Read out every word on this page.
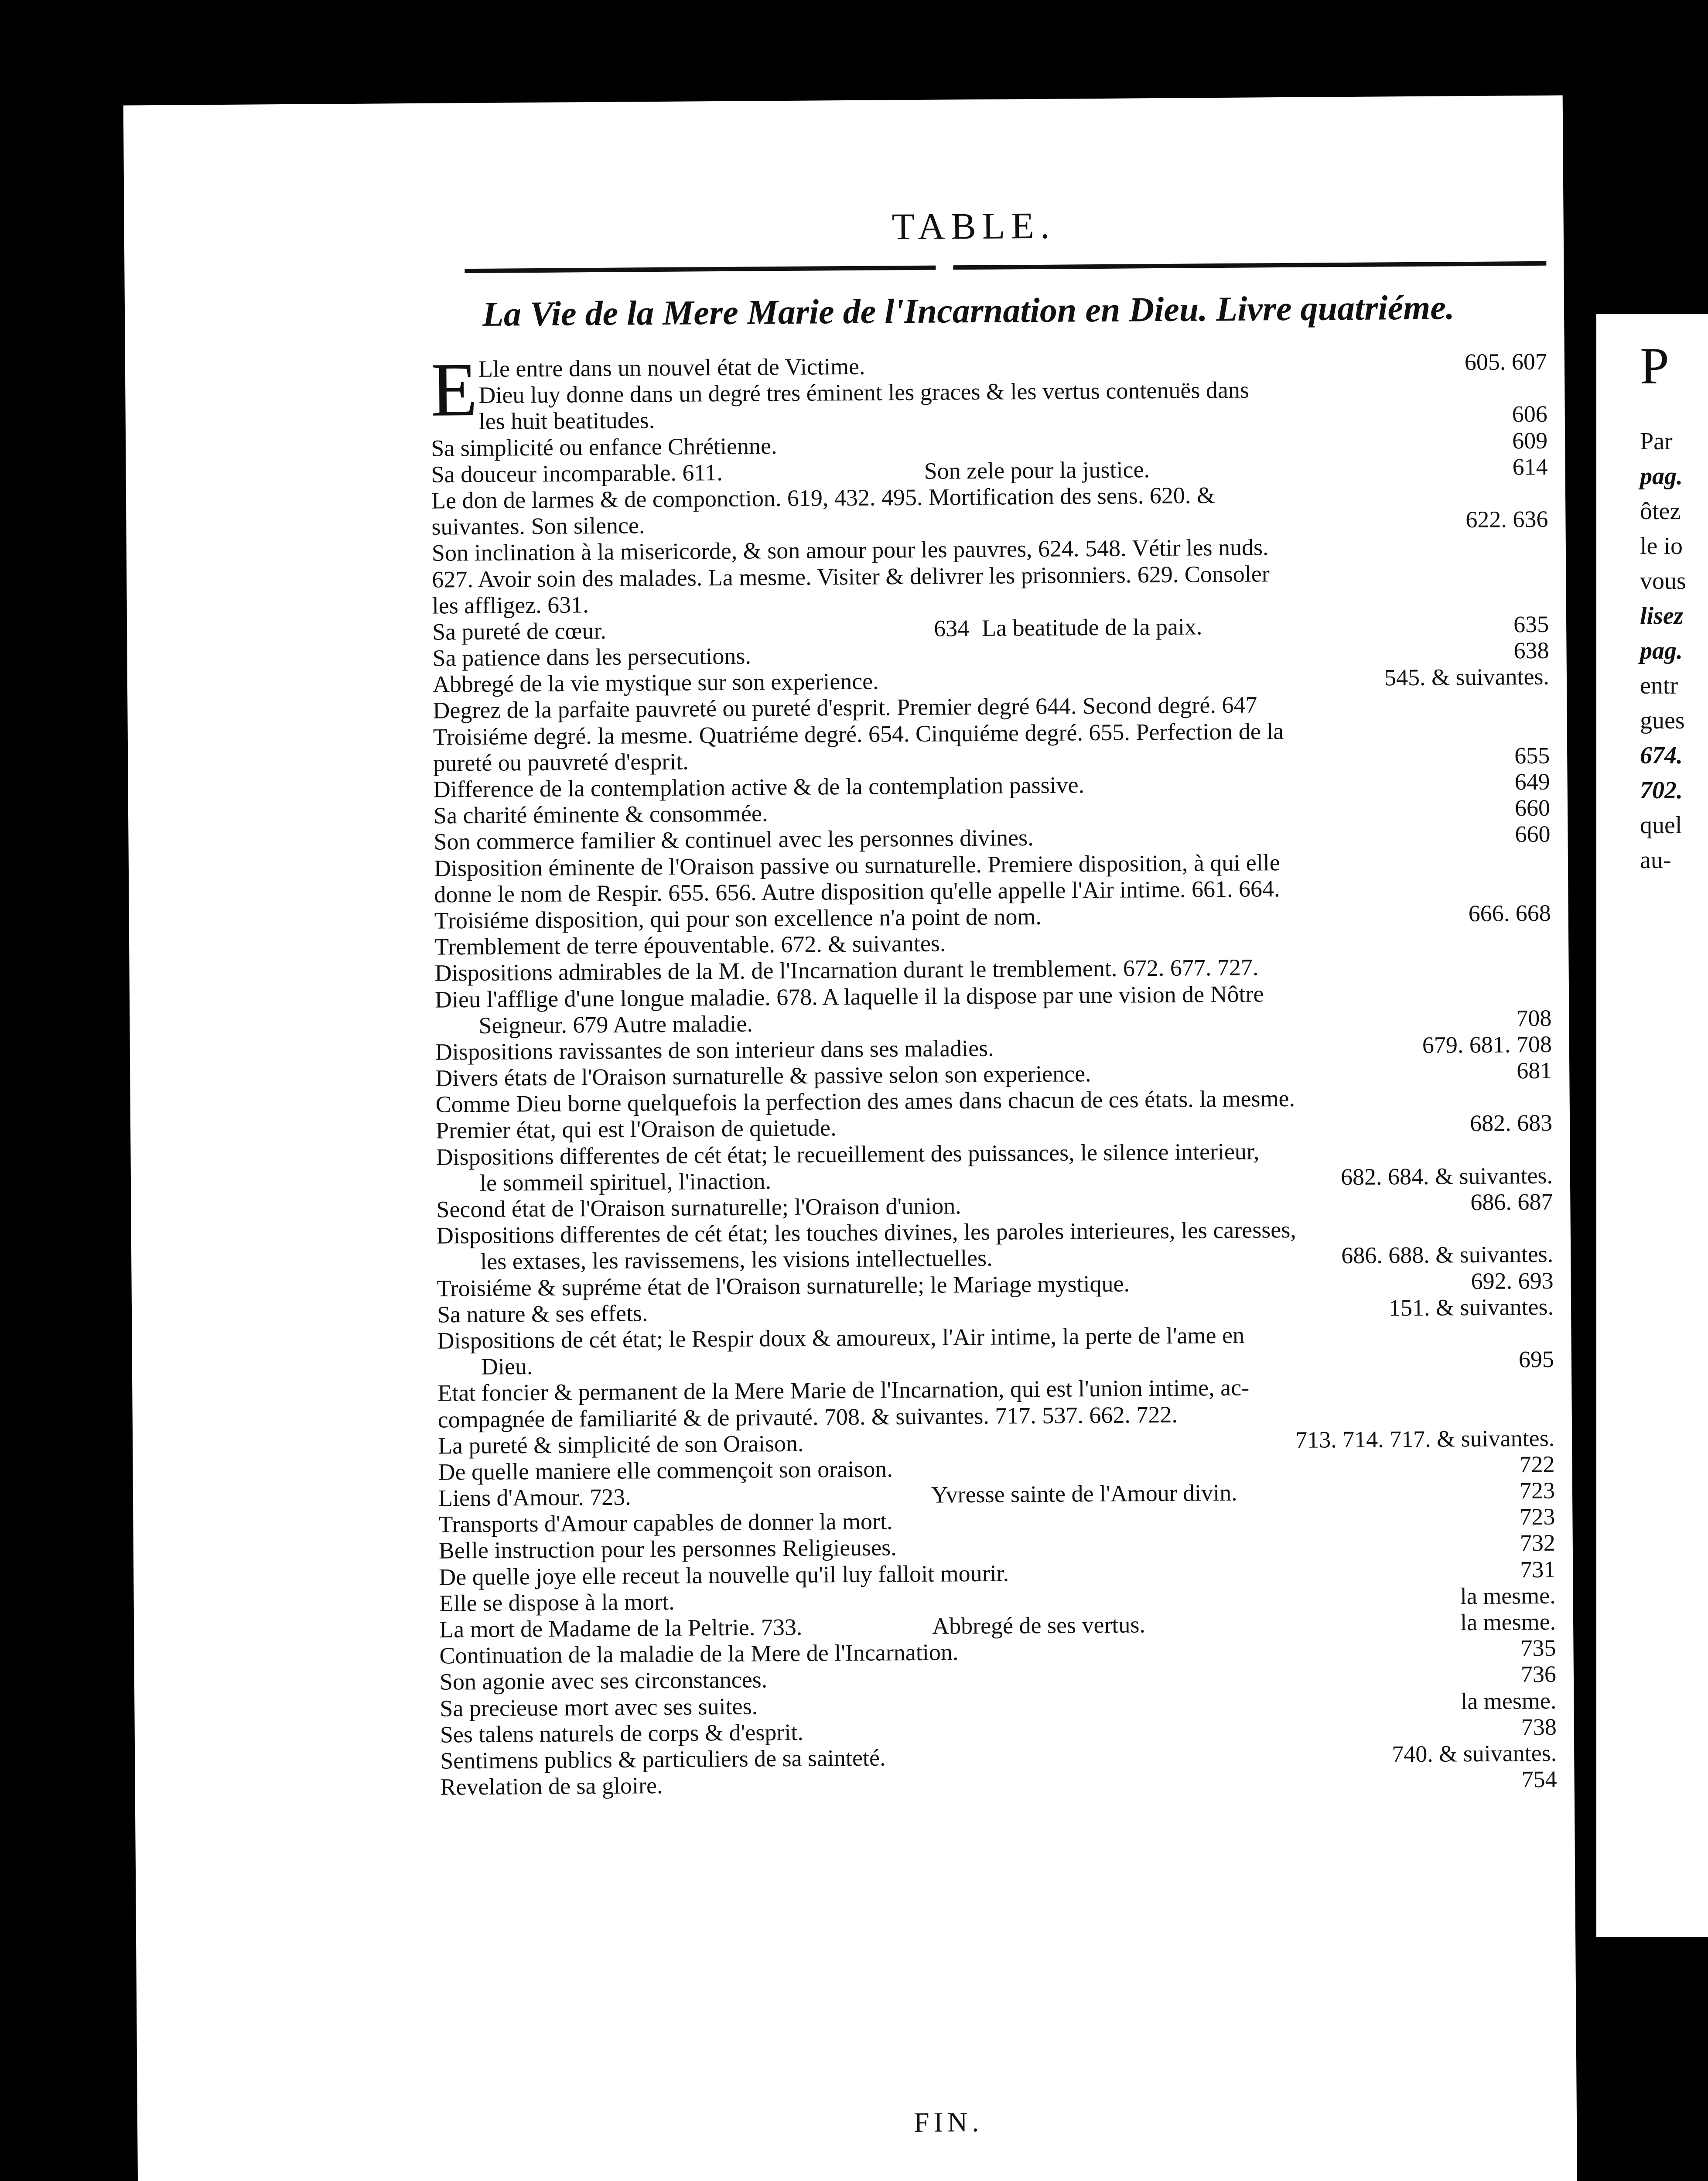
TABLE.
La Vie de la Mere Marie de l'Incarnation en Dieu. Livre quatriéme.
E Lle entre dans un nouvel état de Victime.	605. 607
Dieu luy donne dans un degré tres éminent les graces & les vertus contenuës dans
les huit beatitudes.	606
Sa simplicité ou enfance Chrétienne.	609
Sa douceur incomparable. 611.	Son zele pour la justice.	614
Le don de larmes & de componction. 619, 432. 495. Mortification des sens. 620. &
suivantes. Son silence.	622. 636
Son inclination à la misericorde, & son amour pour les pauvres, 624. 548. Vétir les nuds.
627. Avoir soin des malades. La mesme. Visiter & delivrer les prisonniers. 629. Consoler
les affligez. 631.
Sa pureté de cœur.	634 La beatitude de la paix.	635
Sa patience dans les persecutions.	638
Abbregé de la vie mystique sur son experience.	545. & suivantes.
Degrez de la parfaite pauvreté ou pureté d'esprit. Premier degré 644. Second degré. 647
Troisiéme degré. la mesme. Quatriéme degré. 654. Cinquiéme degré. 655. Perfection de la
pureté ou pauvreté d'esprit.	655
Difference de la contemplation active & de la contemplation passive.	649
Sa charité éminente & consommée.	660
Son commerce familier & continuel avec les personnes divines.	660
Disposition éminente de l'Oraison passive ou surnaturelle. Premiere disposition, à qui elle
donne le nom de Respir. 655. 656. Autre disposition qu'elle appelle l'Air intime. 661. 664.
Troisiéme disposition, qui pour son excellence n'a point de nom.	666. 668
Tremblement de terre épouventable. 672. & suivantes.
Dispositions admirables de la M. de l'Incarnation durant le tremblement. 672. 677. 727.
Dieu l'afflige d'une longue maladie. 678. A laquelle il la dispose par une vision de Nôtre
Seigneur. 679 Autre maladie.	708
Dispositions ravissantes de son interieur dans ses maladies.	679. 681. 708
Divers états de l'Oraison surnaturelle & passive selon son experience.	681
Comme Dieu borne quelquefois la perfection des ames dans chacun de ces états. la mesme.
Premier état, qui est l'Oraison de quietude.	682. 683
Dispositions differentes de cét état; le recueillement des puissances, le silence interieur,
le sommeil spirituel, l'inaction.	682. 684. & suivantes.
Second état de l'Oraison surnaturelle; l'Oraison d'union.	686. 687
Dispositions differentes de cét état; les touches divines, les paroles interieures, les caresses,
les extases, les ravissemens, les visions intellectuelles.	686. 688. & suivantes.
Troisiéme & supréme état de l'Oraison surnaturelle; le Mariage mystique.	692. 693
Sa nature & ses effets.	151. & suivantes.
Dispositions de cét état; le Respir doux & amoureux, l'Air intime, la perte de l'ame en
Dieu.	695
Etat foncier & permanent de la Mere Marie de l'Incarnation, qui est l'union intime, ac-
compagnée de familiarité & de privauté. 708. & suivantes. 717. 537. 662. 722.
La pureté & simplicité de son Oraison.	713. 714. 717. & suivantes.
De quelle maniere elle commençoit son oraison.	722
Liens d'Amour. 723.	Yvresse sainte de l'Amour divin.	723
Transports d'Amour capables de donner la mort.	723
Belle instruction pour les personnes Religieuses.	732
De quelle joye elle receut la nouvelle qu'il luy falloit mourir.	731
Elle se dispose à la mort.	la mesme.
La mort de Madame de la Peltrie. 733.	Abbregé de ses vertus.	la mesme.
Continuation de la maladie de la Mere de l'Incarnation.	735
Son agonie avec ses circonstances.	736
Sa precieuse mort avec ses suites.	la mesme.
Ses talens naturels de corps & d'esprit.	738
Sentimens publics & particuliers de sa sainteté.	740. & suivantes.
Revelation de sa gloire.	754
FIN.
P
Par
pag.
ôtez
le io
vous
lisez
pag.
entr
gues
674.
702.
quel
au-
